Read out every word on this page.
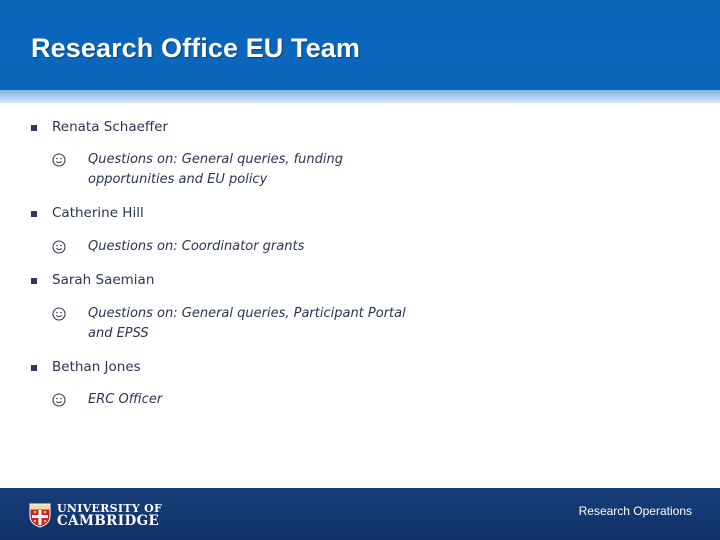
Research Office EU Team
Renata Schaeffer
Questions on: General queries, funding
opportunities and EU policy
Catherine Hill
Questions on: Coordinator grants
Sarah Saemian
Questions on: General queries, Participant Portal
and EPSS
Bethan Jones
ERC Officer
UNIVERSITY OF
CAMBRIDGE
Research Operations
